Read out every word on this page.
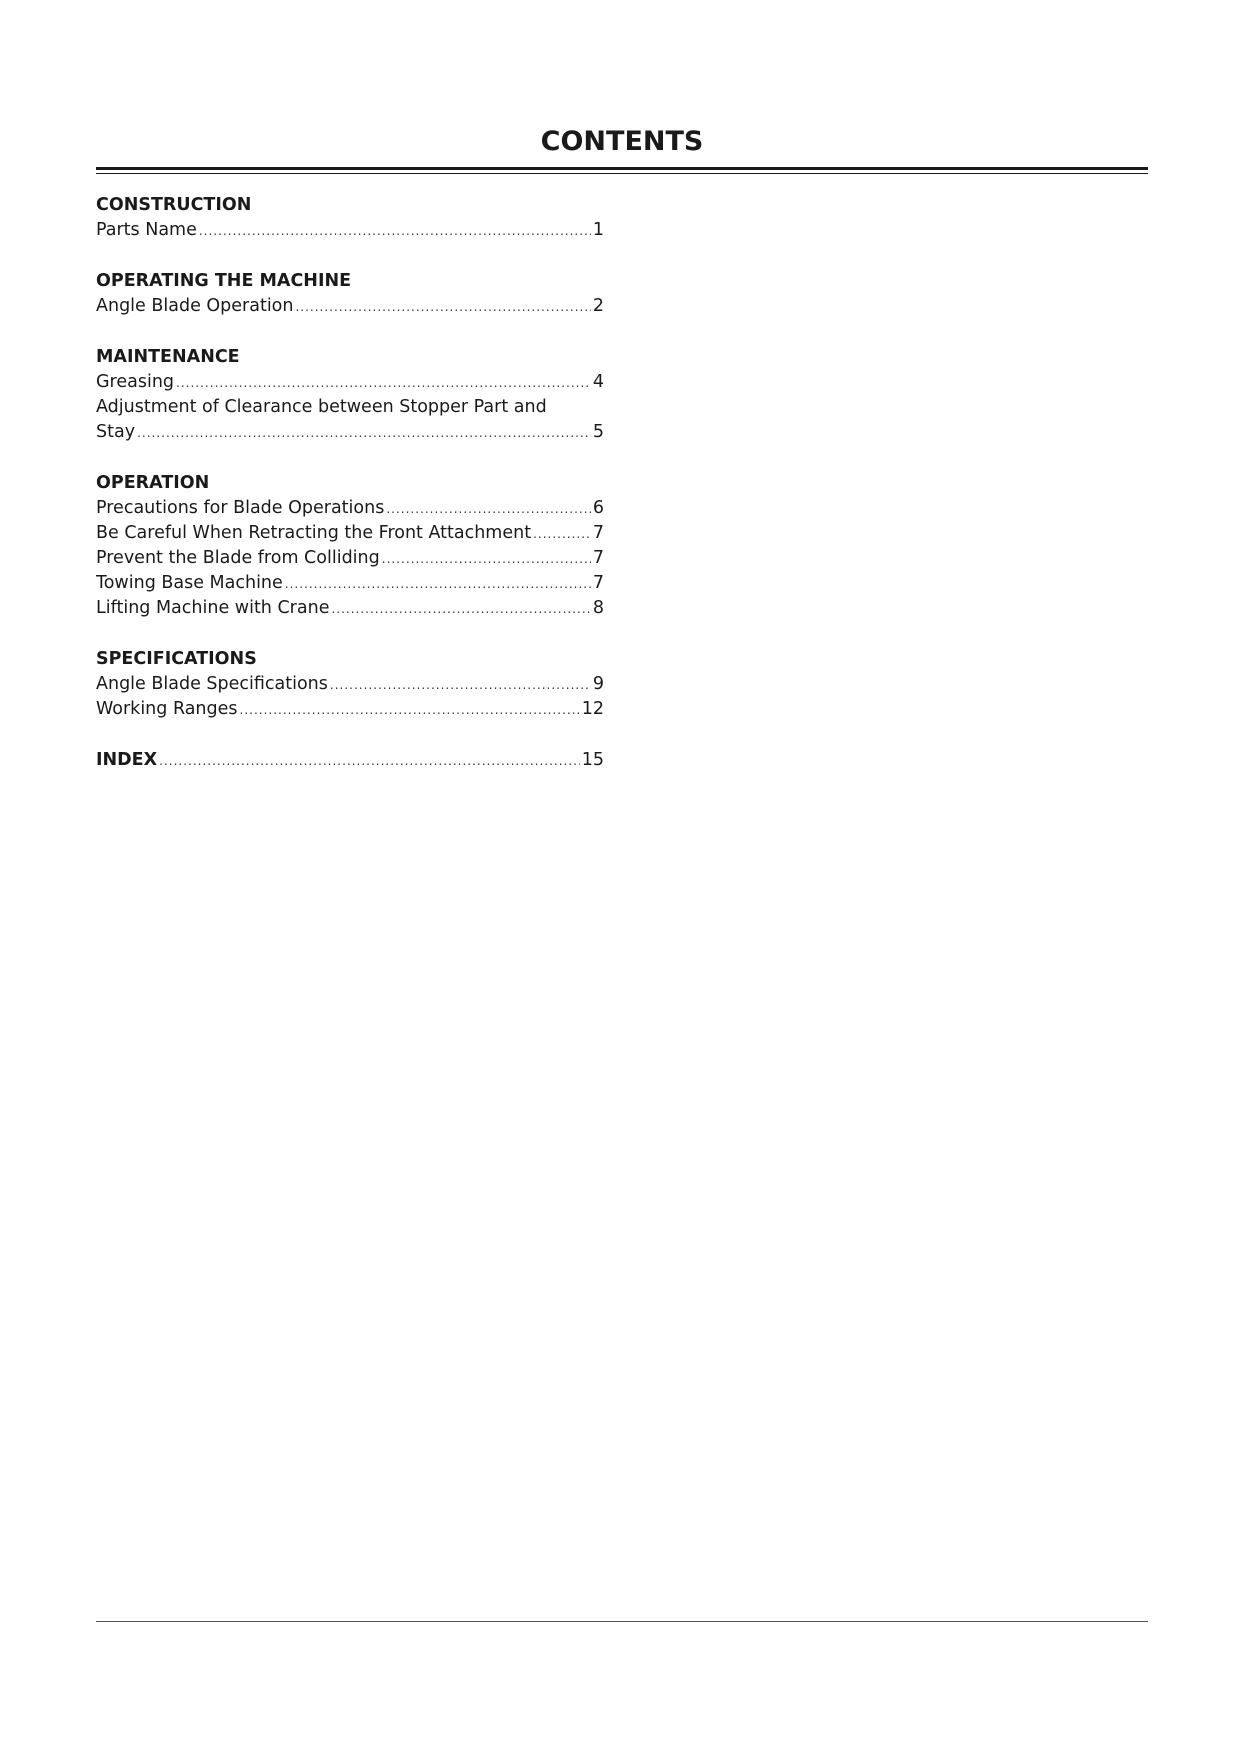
CONTENTS
CONSTRUCTION
Parts Name .....	1
OPERATING THE MACHINE
Angle Blade Operation .....	2
MAINTENANCE
Greasing .....	4
Adjustment of Clearance between Stopper Part and
Stay .....	5
OPERATION
Precautions for Blade Operations .....	6
Be Careful When Retracting the Front Attachment .....	7
Prevent the Blade from Colliding .....	7
Towing Base Machine .....	7
Lifting Machine with Crane .....	8
SPECIFICATIONS
Angle Blade Specifications .....	9
Working Ranges .....	12
INDEX .....	15
